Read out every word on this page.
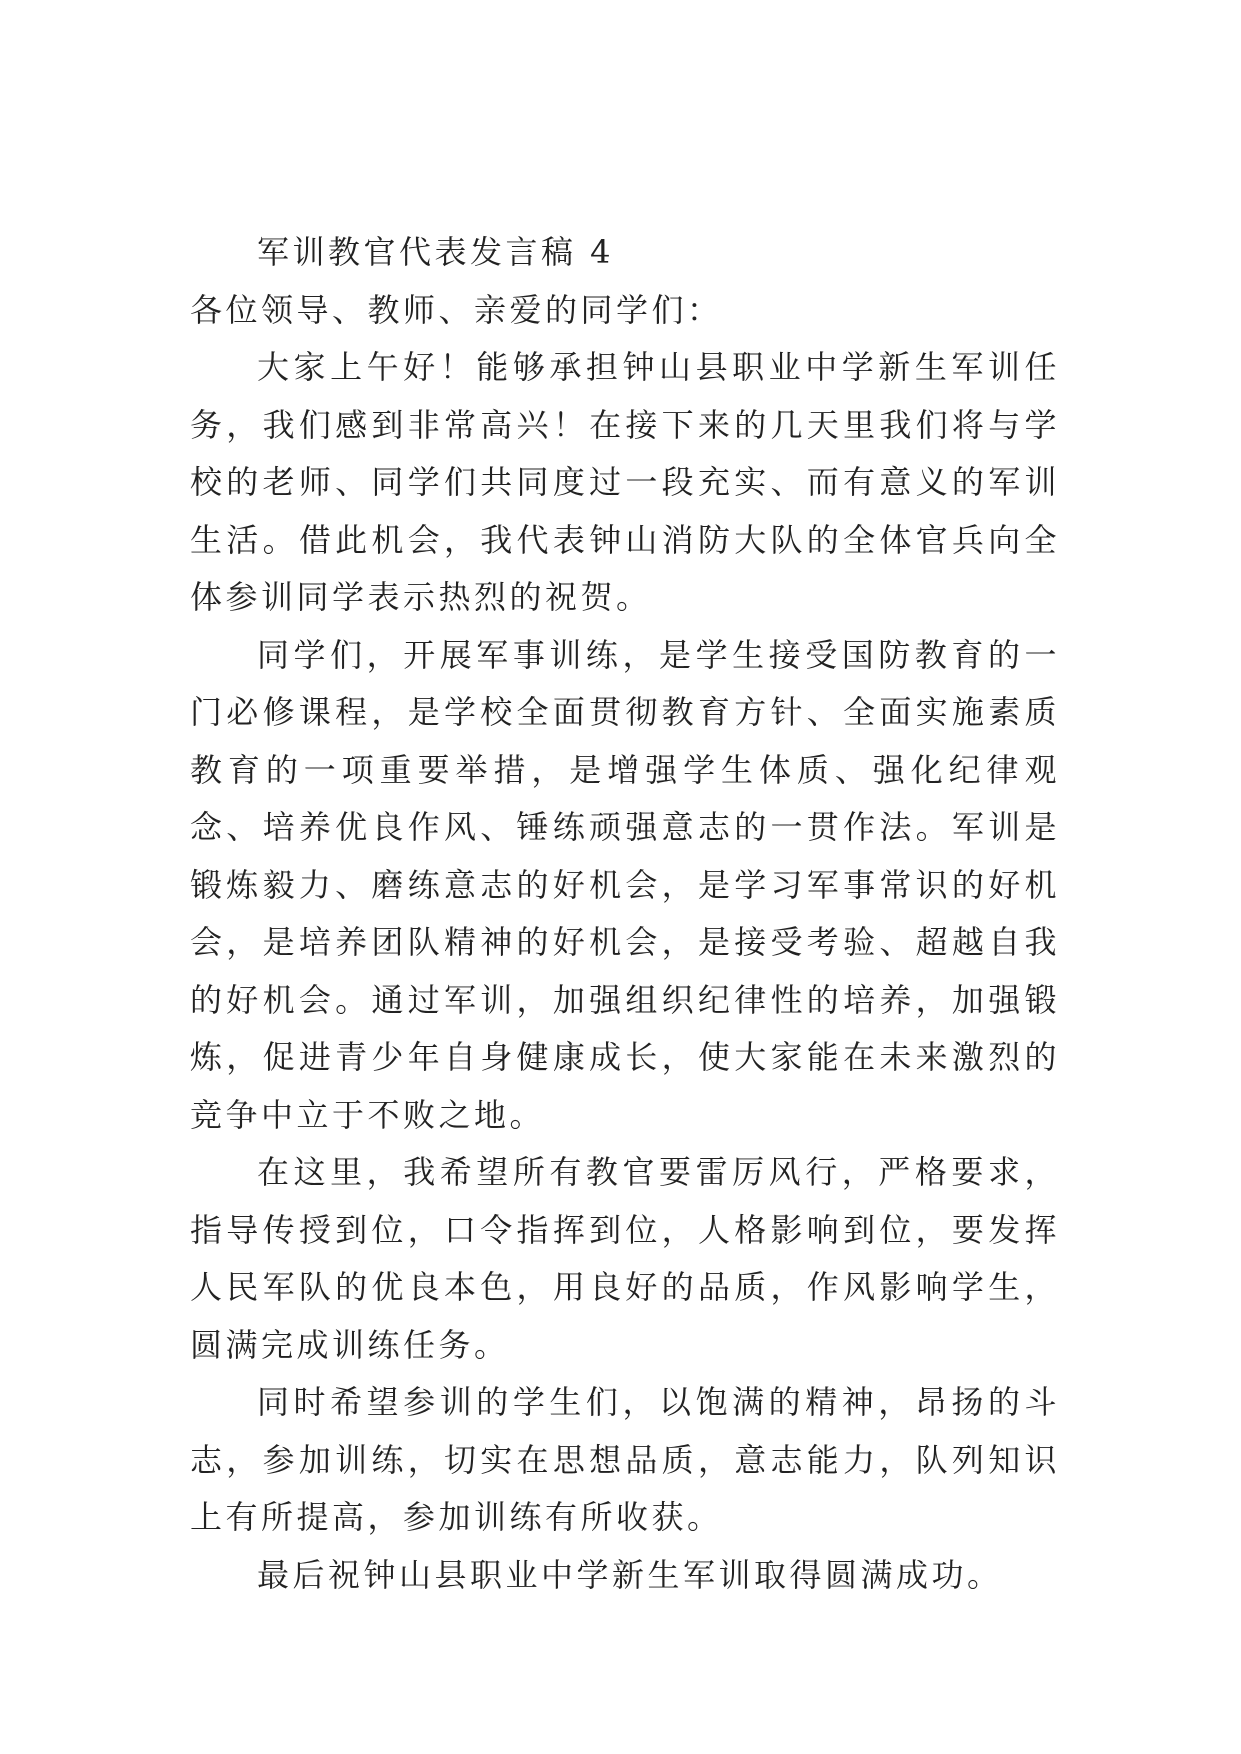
军训教官代表发言稿 4

各位领导、教师、亲爱的同学们：

大家上午好！能够承担钟山县职业中学新生军训任务，我们感到非常高兴！在接下来的几天里我们将与学校的老师、同学们共同度过一段充实、而有意义的军训生活。借此机会，我代表钟山消防大队的全体官兵向全体参训同学表示热烈的祝贺。

同学们，开展军事训练，是学生接受国防教育的一门必修课程，是学校全面贯彻教育方针、全面实施素质教育的一项重要举措，是增强学生体质、强化纪律观念、培养优良作风、锤练顽强意志的一贯作法。军训是锻炼毅力、磨练意志的好机会，是学习军事常识的好机会，是培养团队精神的好机会，是接受考验、超越自我的好机会。通过军训，加强组织纪律性的培养，加强锻炼，促进青少年自身健康成长，使大家能在未来激烈的竞争中立于不败之地。

在这里，我希望所有教官要雷厉风行，严格要求，指导传授到位，口令指挥到位，人格影响到位，要发挥人民军队的优良本色，用良好的品质，作风影响学生，圆满完成训练任务。

同时希望参训的学生们，以饱满的精神，昂扬的斗志，参加训练，切实在思想品质，意志能力，队列知识上有所提高，参加训练有所收获。

最后祝钟山县职业中学新生军训取得圆满成功。
